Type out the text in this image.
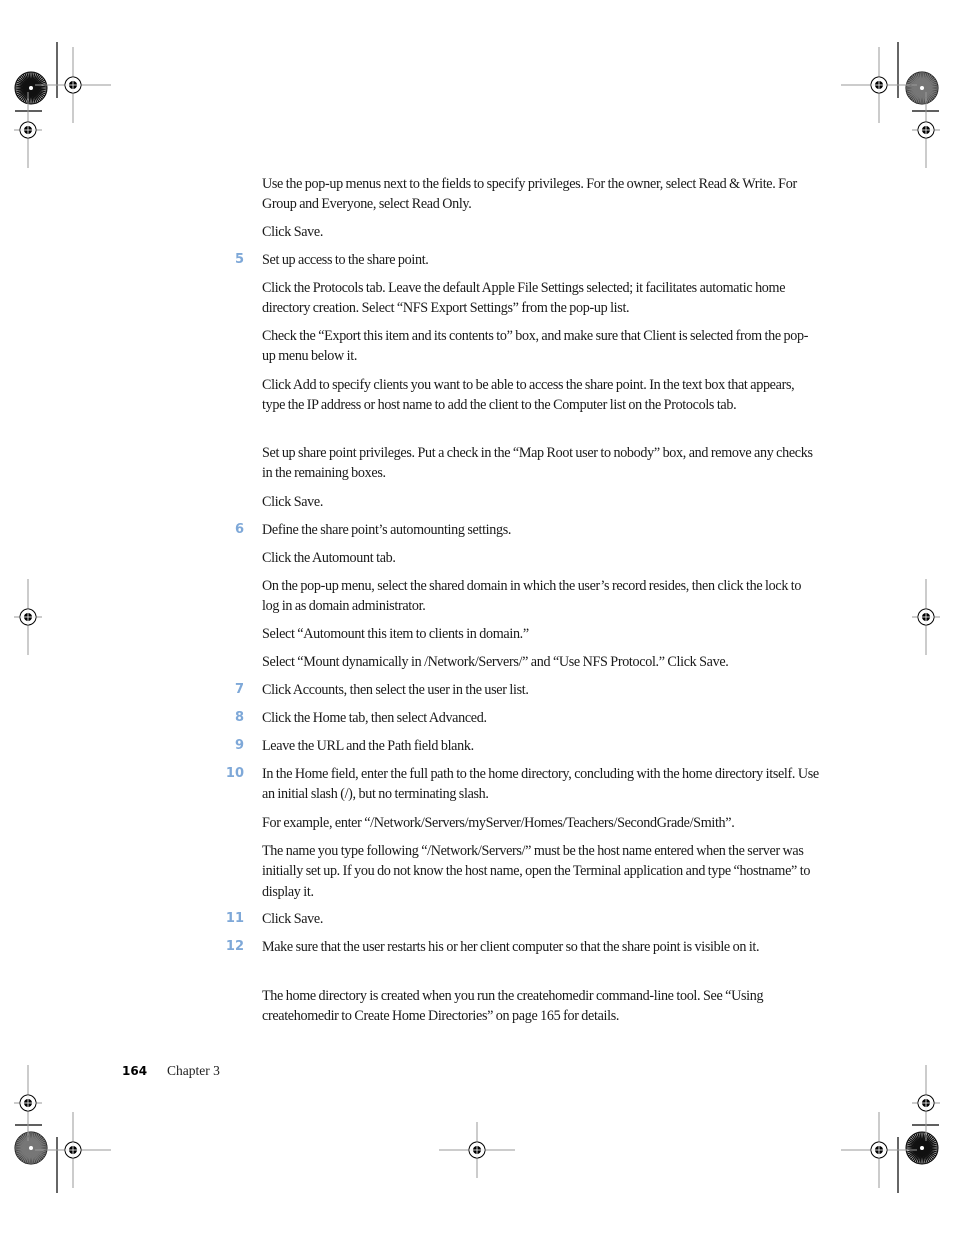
Use the pop-up menus next to the fields to specify privileges. For the owner, select Read & Write. For Group and Everyone, select Read Only.
Click Save.
5 Set up access to the share point.
Click the Protocols tab. Leave the default Apple File Settings selected; it facilitates automatic home directory creation. Select “NFS Export Settings” from the pop-up list.
Check the “Export this item and its contents to” box, and make sure that Client is selected from the pop-up menu below it.
Click Add to specify clients you want to be able to access the share point. In the text box that appears, type the IP address or host name to add the client to the Computer list on the Protocols tab.
Set up share point privileges. Put a check in the “Map Root user to nobody” box, and remove any checks in the remaining boxes.
Click Save.
6 Define the share point’s automounting settings.
Click the Automount tab.
On the pop-up menu, select the shared domain in which the user’s record resides, then click the lock to log in as domain administrator.
Select “Automount this item to clients in domain.”
Select “Mount dynamically in /Network/Servers/” and “Use NFS Protocol.” Click Save.
7 Click Accounts, then select the user in the user list.
8 Click the Home tab, then select Advanced.
9 Leave the URL and the Path field blank.
10 In the Home field, enter the full path to the home directory, concluding with the home directory itself. Use an initial slash (/), but no terminating slash.
For example, enter “/Network/Servers/myServer/Homes/Teachers/SecondGrade/Smith”.
The name you type following “/Network/Servers/” must be the host name entered when the server was initially set up. If you do not know the host name, open the Terminal application and type “hostname” to display it.
11 Click Save.
12 Make sure that the user restarts his or her client computer so that the share point is visible on it.
The home directory is created when you run the createhomedir command-line tool. See “Using createhomedir to Create Home Directories” on page 165 for details.
164 Chapter 3
